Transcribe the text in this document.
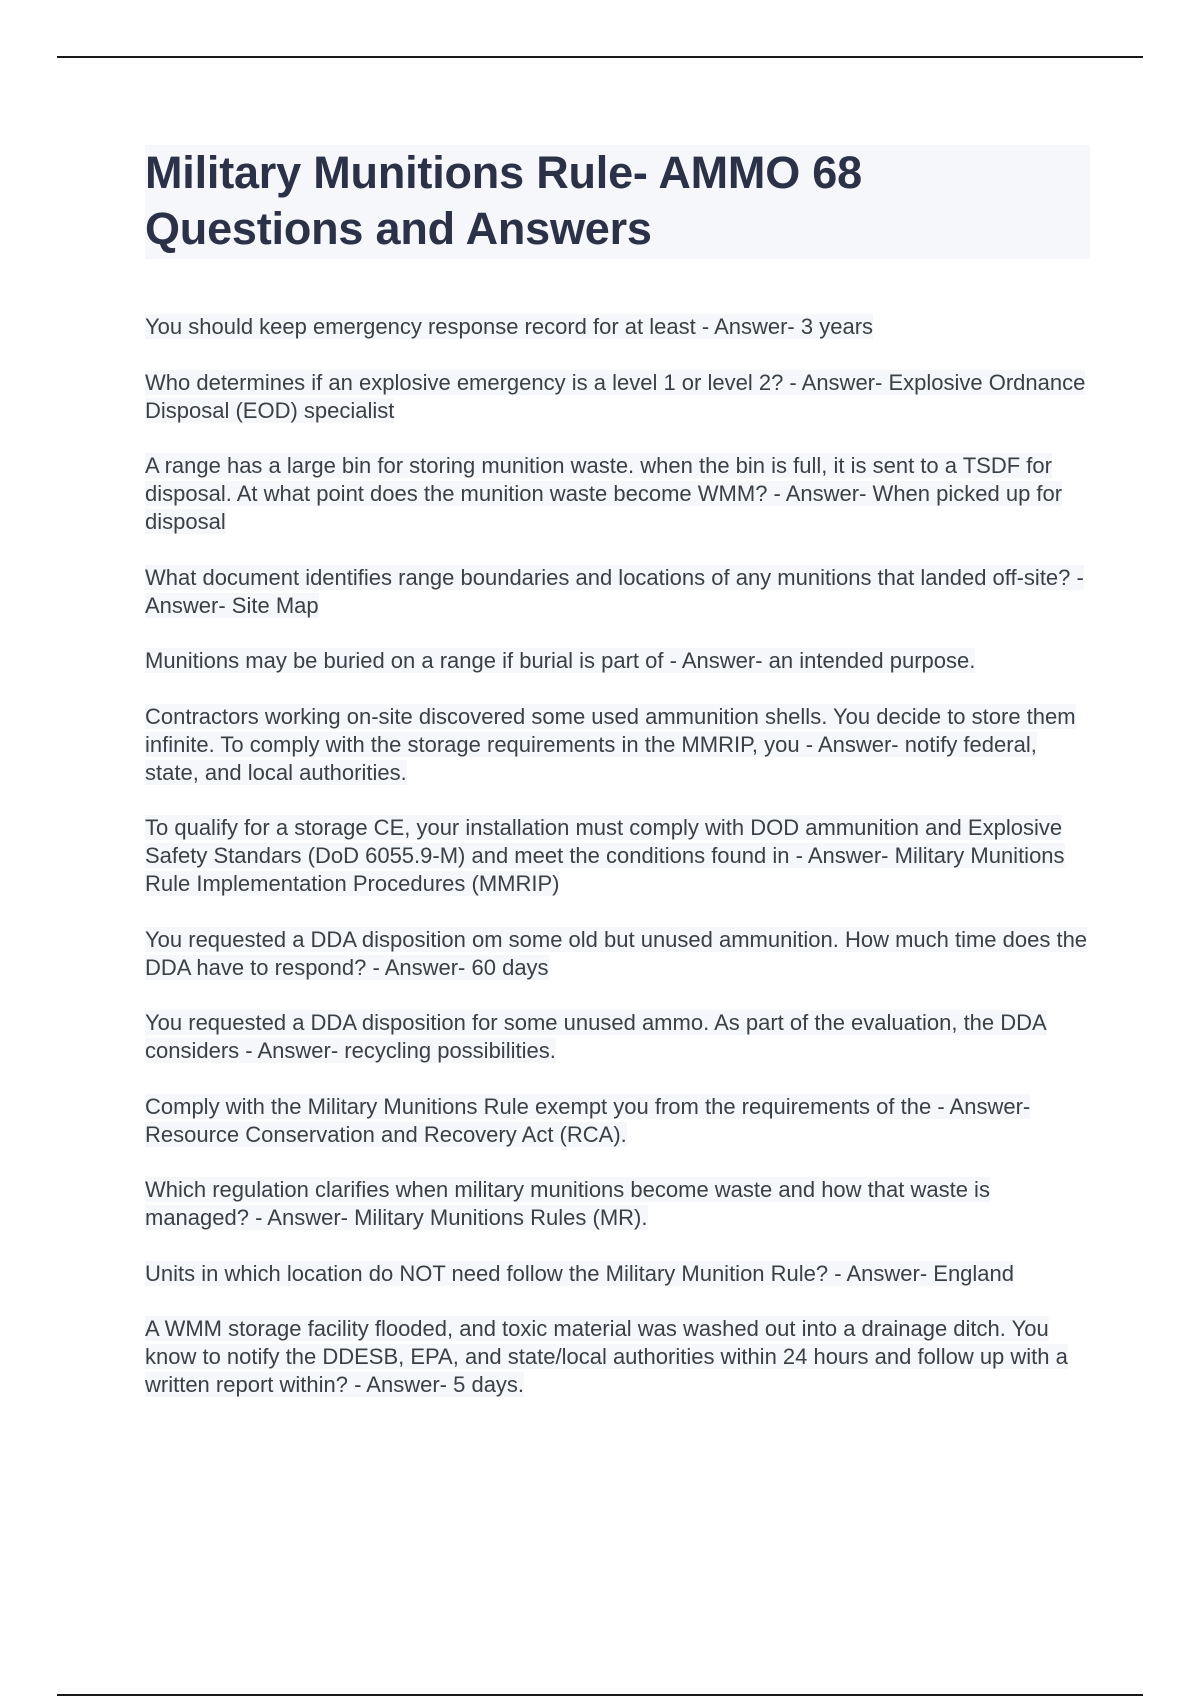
Military Munitions Rule- AMMO 68 Questions and Answers
You should keep emergency response record for at least - Answer- 3 years
Who determines if an explosive emergency is a level 1 or level 2? - Answer- Explosive Ordnance Disposal (EOD) specialist
A range has a large bin for storing munition waste. when the bin is full, it is sent to a TSDF for disposal. At what point does the munition waste become WMM? - Answer- When picked up for disposal
What document identifies range boundaries and locations of any munitions that landed off-site? - Answer- Site Map
Munitions may be buried on a range if burial is part of - Answer- an intended purpose.
Contractors working on-site discovered some used ammunition shells. You decide to store them infinite. To comply with the storage requirements in the MMRIP, you - Answer- notify federal, state, and local authorities.
To qualify for a storage CE, your installation must comply with DOD ammunition and Explosive Safety Standars (DoD 6055.9-M) and meet the conditions found in - Answer- Military Munitions Rule Implementation Procedures (MMRIP)
You requested a DDA disposition om some old but unused ammunition. How much time does the DDA have to respond? - Answer- 60 days
You requested a DDA disposition for some unused ammo. As part of the evaluation, the DDA considers - Answer- recycling possibilities.
Comply with the Military Munitions Rule exempt you from the requirements of the - Answer- Resource Conservation and Recovery Act (RCA).
Which regulation clarifies when military munitions become waste and how that waste is managed? - Answer- Military Munitions Rules (MR).
Units in which location do NOT need follow the Military Munition Rule? - Answer- England
A WMM storage facility flooded, and toxic material was washed out into a drainage ditch. You know to notify the DDESB, EPA, and state/local authorities within 24 hours and follow up with a written report within? - Answer- 5 days.
